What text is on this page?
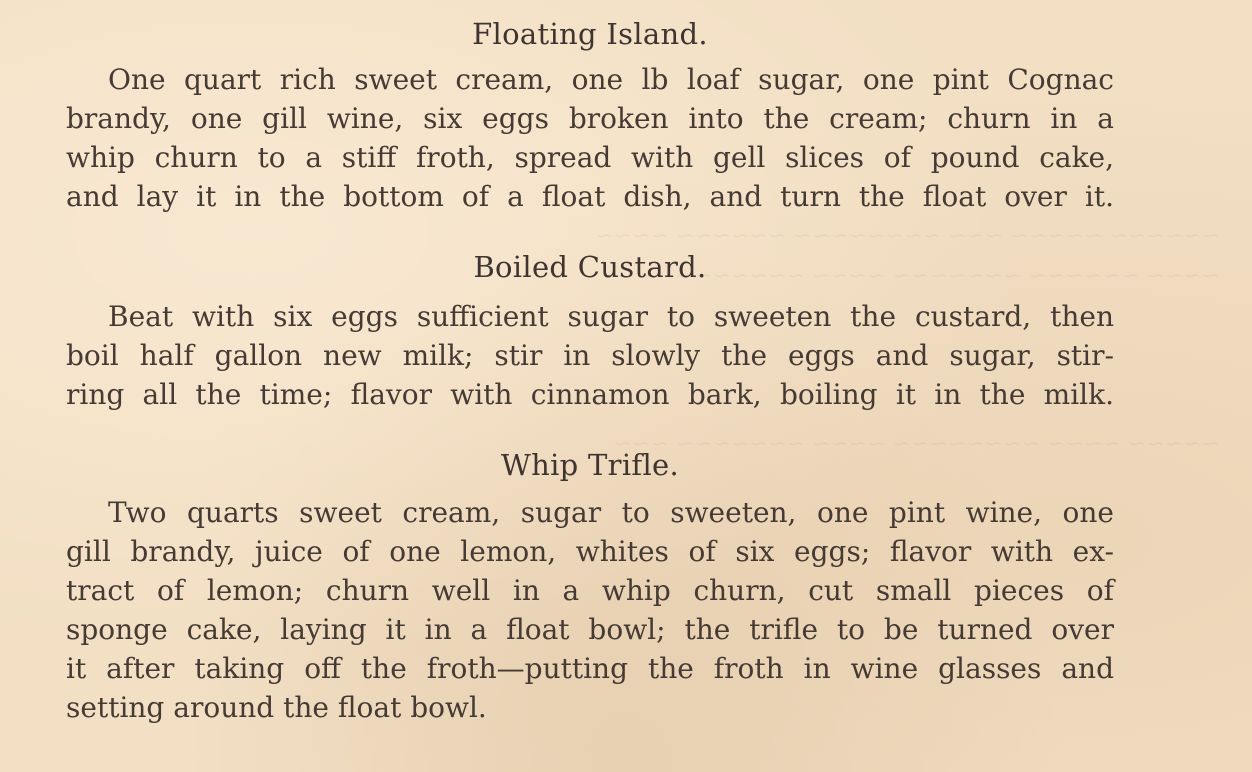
~~~~~~ ~~~~~ ~~~ ~~~~~~~~ ~~~~~~ ~~~~
~~~~ ~~~~~~ ~~~~~~~ ~~~~ ~~~~~~~
~~~~~ ~~~~ ~~~~~~~~ ~~~~ ~~~~~~~ ~~~
Floating Island.
One quart rich sweet cream, one lb loaf sugar, one pint Cognac
brandy, one gill wine, six eggs broken into the cream; churn in a
whip churn to a stiff froth, spread with gell slices of pound cake,
and lay it in the bottom of a float dish, and turn the float over it.
Boiled Custard.
Beat with six eggs sufficient sugar to sweeten the custard, then
boil half gallon new milk; stir in slowly the eggs and sugar, stir-
ring all the time; flavor with cinnamon bark, boiling it in the milk.
Whip Trifle.
Two quarts sweet cream, sugar to sweeten, one pint wine, one
gill brandy, juice of one lemon, whites of six eggs; flavor with ex-
tract of lemon; churn well in a whip churn, cut small pieces of
sponge cake, laying it in a float bowl; the trifle to be turned over
it after taking off the froth—putting the froth in wine glasses and
setting around the float bowl.
